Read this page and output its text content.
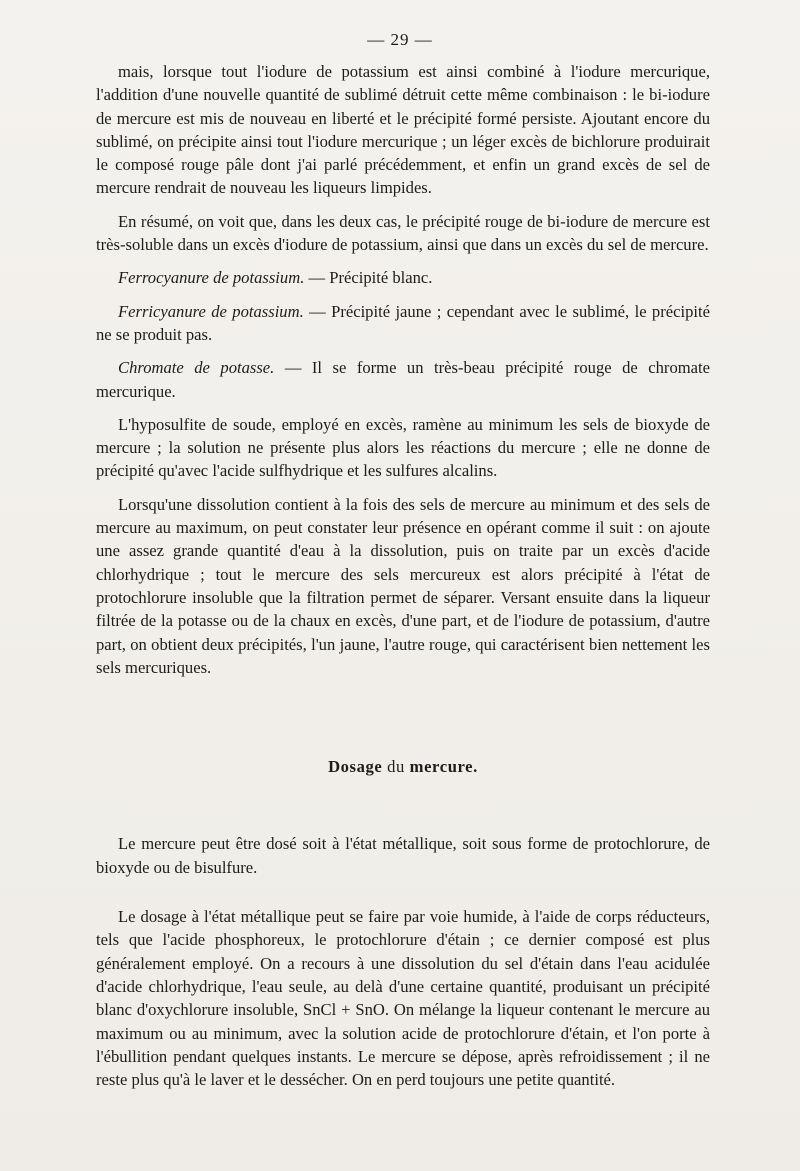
— 29 —

mais, lorsque tout l'iodure de potassium est ainsi combiné à l'iodure mercurique, l'addition d'une nouvelle quantité de sublimé détruit cette même combinaison : le bi-iodure de mercure est mis de nouveau en liberté et le précipité formé persiste. Ajoutant encore du sublimé, on précipite ainsi tout l'iodure mercurique ; un léger excès de bichlorure produirait le composé rouge pâle dont j'ai parlé précédemment, et enfin un grand excès de sel de mercure rendrait de nouveau les liqueurs limpides.

En résumé, on voit que, dans les deux cas, le précipité rouge de bi-iodure de mercure est très-soluble dans un excès d'iodure de potassium, ainsi que dans un excès du sel de mercure.

Ferrocyanure de potassium. — Précipité blanc.

Ferricyanure de potassium. — Précipité jaune ; cependant avec le sublimé, le précipité ne se produit pas.

Chromate de potasse. — Il se forme un très-beau précipité rouge de chromate mercurique.

L'hyposulfite de soude, employé en excès, ramène au minimum les sels de bioxyde de mercure ; la solution ne présente plus alors les réactions du mercure ; elle ne donne de précipité qu'avec l'acide sulfhydrique et les sulfures alcalins.

Lorsqu'une dissolution contient à la fois des sels de mercure au minimum et des sels de mercure au maximum, on peut constater leur présence en opérant comme il suit : on ajoute une assez grande quantité d'eau à la dissolution, puis on traite par un excès d'acide chlorhydrique ; tout le mercure des sels mercureux est alors précipité à l'état de protochlorure insoluble que la filtration permet de séparer. Versant ensuite dans la liqueur filtrée de la potasse ou de la chaux en excès, d'une part, et de l'iodure de potassium, d'autre part, on obtient deux précipités, l'un jaune, l'autre rouge, qui caractérisent bien nettement les sels mercuriques.

Dosage du mercure.

Le mercure peut être dosé soit à l'état métallique, soit sous forme de protochlorure, de bioxyde ou de bisulfure.

Le dosage à l'état métallique peut se faire par voie humide, à l'aide de corps réducteurs, tels que l'acide phosphoreux, le protochlorure d'étain ; ce dernier composé est plus généralement employé. On a recours à une dissolution du sel d'étain dans l'eau acidulée d'acide chlorhydrique, l'eau seule, au delà d'une certaine quantité, produisant un précipité blanc d'oxychlorure insoluble, SnCl + SnO. On mélange la liqueur contenant le mercure au maximum ou au minimum, avec la solution acide de protochlorure d'étain, et l'on porte à l'ébullition pendant quelques instants. Le mercure se dépose, après refroidissement ; il ne reste plus qu'à le laver et le dessécher. On en perd toujours une petite quantité.
